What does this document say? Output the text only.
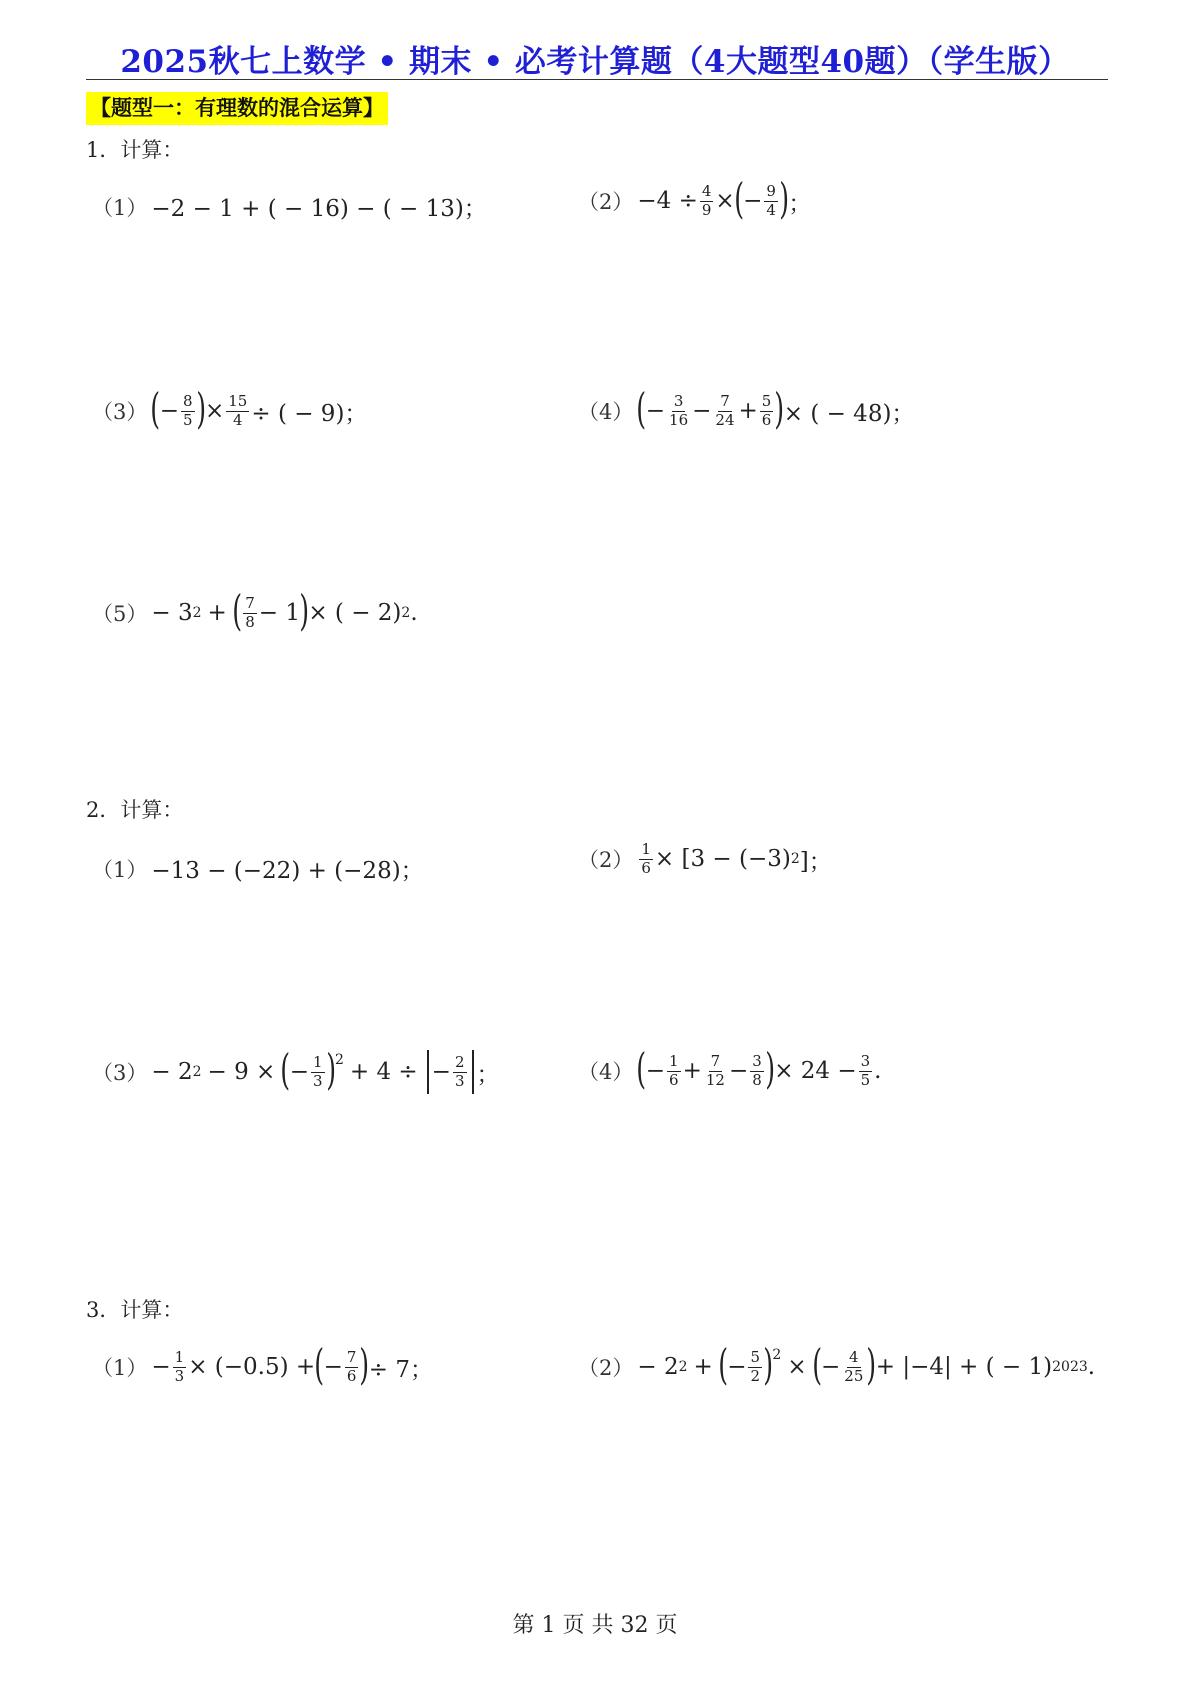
2025秋七上数学 • 期末 • 必考计算题（4大题型40题）（学生版）
【题型一：有理数的混合运算】
1．计算：
（1） −2 − 1 + ( − 16) − ( − 13)；	$(2) -4 \div \frac{4}{9}$ × ( − $\frac{9}{4}$ ) ；
（3） ( − $\frac{8}{5}$ ) × $\frac{15}{4}$ ÷ ( − 9)；	（4） ( − $\frac{3}{16} - \frac{7}{24} + \frac{5}{6}$ ) × ( − 48)；
（5） − 3 2 + ( $\frac{7}{8} - 1$ ) × ( − 2) 2 .
2．计算：
（1） −13 − (−22) + (−28)；	$(2) \frac{1}{6} \times [3 - (-3)$ 2 ]；
（3） − 2 2 − 9 × ( − $\frac{1}{3} )^2 + 4$ ÷ − $\frac{2}{3}$ ；	（4） ( − $\frac{1}{6} + \frac{7}{12} - \frac{3}{8}$ ) × $24 - \frac{3}{5}$ .
3．计算：
$(1) - \frac{1}{3} \times (-0.5)$ + ( − $\frac{7}{6}$ ) ÷ 7；	（2） − 2 2 + ( − $\frac{5}{2} )^2$ × ( − $\frac{4}{25}$ ) + |−4| + ( − 1) 2023 .
第 1 页 共 32 页
